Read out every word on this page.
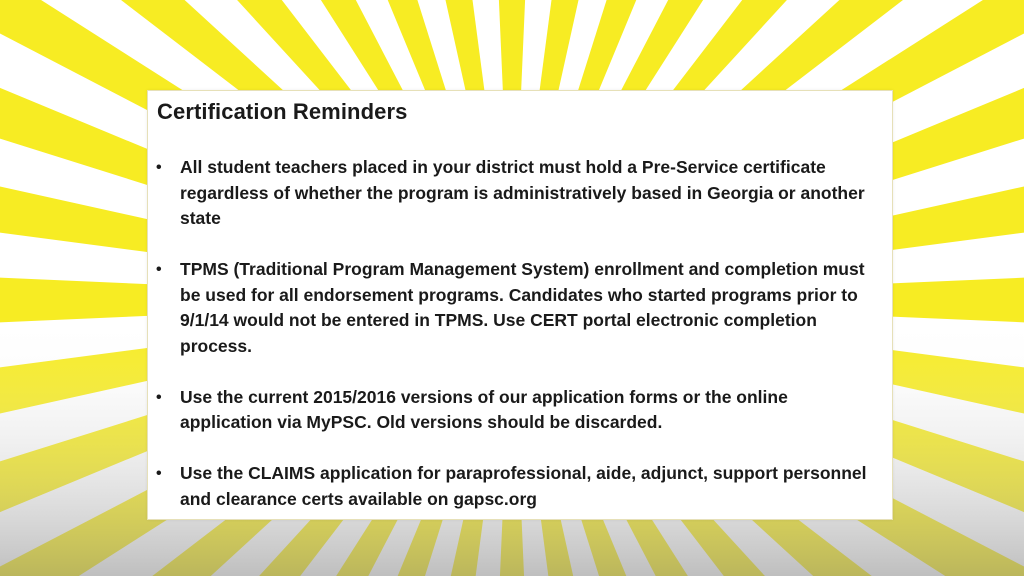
Certification Reminders
• All student teachers placed in your district must hold a Pre-Service certificate regardless of whether the program is administratively based in Georgia or another state
• TPMS (Traditional Program Management System) enrollment and completion must be used for all endorsement programs. Candidates who started programs prior to 9/1/14 would not be entered in TPMS. Use CERT portal electronic completion process.
• Use the current 2015/2016 versions of our application forms or the online application via MyPSC. Old versions should be discarded.
• Use the CLAIMS application for paraprofessional, aide, adjunct, support personnel and clearance certs available on gapsc.org
